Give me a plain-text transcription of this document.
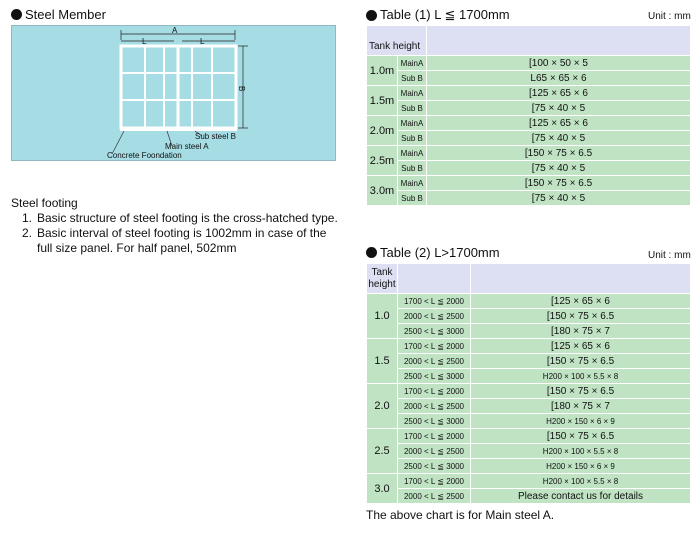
Steel Member
A
L	L
B
Sub steel B
Main steel A
Concrete Foondation
Steel footing
1. Basic structure of steel footing is the cross-hatched type.
2. Basic interval of steel footing is 1002mm in case of the
full size panel. For half panel, 502mm
Table (1) L ≦ 1700mm	Unit : mm
Tank height		
1.0m	MainA	[100 × 50 × 5
	Sub B	L65 × 65 × 6
1.5m	MainA	[125 × 65 × 6
	Sub B	[75 × 40 × 5
2.0m	MainA	[125 × 65 × 6
	Sub B	[75 × 40 × 5
2.5m	MainA	[150 × 75 × 6.5
	Sub B	[75 × 40 × 5
3.0m	MainA	[150 × 75 × 6.5
	Sub B	[75 × 40 × 5
Table (2) L>1700mm	Unit : mm
Tank
height		

1.0	1700 < L ≦ 2000	[125 × 65 × 6
	2000 < L ≦ 2500	[150 × 75 × 6.5
	2500 < L ≦ 3000	[180 × 75 × 7
1.5	1700 < L ≦ 2000	[125 × 65 × 6
	2000 < L ≦ 2500	[150 × 75 × 6.5
	2500 < L ≦ 3000	H200 × 100 × 5.5 × 8
2.0	1700 < L ≦ 2000	[150 × 75 × 6.5
	2000 < L ≦ 2500	[180 × 75 × 7
	2500 < L ≦ 3000	H200 × 150 × 6 × 9
2.5	1700 < L ≦ 2000	[150 × 75 × 6.5
	2000 < L ≦ 2500	H200 × 100 × 5.5 × 8
	2500 < L ≦ 3000	H200 × 150 × 6 × 9
3.0	1700 < L ≦ 2000	H200 × 100 × 5.5 × 8
	2000 < L ≦ 2500	Please contact us for details
The above chart is for Main steel A.
